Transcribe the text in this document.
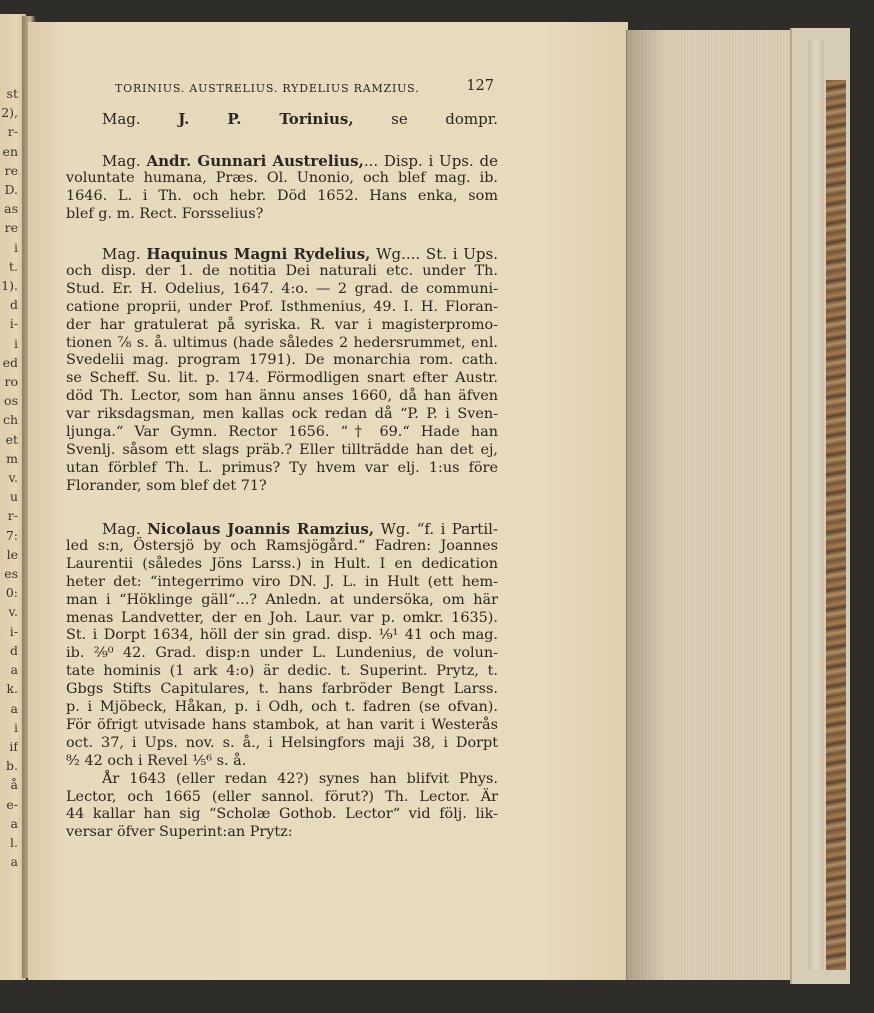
st
2),
r-
en
re
D.
as
re
i
t.
1).
d
i-
i
ed
ro
os
ch
et
m
v.
u
r-
7:
le
es
0:
v.
i-
d
a
k.
a
i
if
b.
å
e-
a
l.
a
TORINIUS. AUSTRELIUS. RYDELIUS RAMZIUS.	127
Mag. J. P. Torinius, se dompr.
Mag. Andr. Gunnari Austrelius,... Disp. i Ups. de
voluntate humana, Præs. Ol. Unonio, och blef mag. ib.
1646. L. i Th. och hebr. Död 1652. Hans enka, som
blef g. m. Rect. Forsselius?
Mag. Haquinus Magni Rydelius, Wg.... St. i Ups.
och disp. der 1. de notitia Dei naturali etc. under Th.
Stud. Er. H. Odelius, 1647. 4:o. — 2 grad. de communi-
catione proprii, under Prof. Isthmenius, 49. I. H. Floran-
der har gratulerat på syriska. R. var i magisterpromo-
tionen ⅞ s. å. ultimus (hade således 2 hedersrummet, enl.
Svedelii mag. program 1791). De monarchia rom. cath.
se Scheff. Su. lit. p. 174. Förmodligen snart efter Austr.
död Th. Lector, som han ännu anses 1660, då han äfven
var riksdagsman, men kallas ock redan då “P. P. i Sven-
ljunga.“ Var Gymn. Rector 1656. “† 69.“ Hade han
Svenlj. såsom ett slags präb.? Eller tillträdde han det ej,
utan förblef Th. L. primus? Ty hvem var elj. 1:us före
Florander, som blef det 71?
Mag. Nicolaus Joannis Ramzius, Wg. “f. i Partil-
led s:n, Östersjö by och Ramsjögård.“ Fadren: Joannes
Laurentii (således Jöns Larss.) in Hult. I en dedication
heter det: “integerrimo viro DN. J. L. in Hult (ett hem-
man i “Höklinge gäll“...? Anledn. at undersöka, om här
menas Landvetter, der en Joh. Laur. var p. omkr. 1635).
St. i Dorpt 1634, höll der sin grad. disp. ¹⁄₉¹ 41 och mag.
ib. ²⁄₉⁰ 42. Grad. disp:n under L. Lundenius, de volun-
tate hominis (1 ark 4:o) är dedic. t. Superint. Prytz, t.
Gbgs Stifts Capitulares, t. hans farbröder Bengt Larss.
p. i Mjöbeck, Håkan, p. i Odh, och t. fadren (se ofvan).
För öfrigt utvisade hans stambok, at han varit i Westerås
oct. 37, i Ups. nov. s. å., i Helsingfors maji 38, i Dorpt
⁸⁄₂ 42 och i Revel ¹⁄₅⁶ s. å.
År 1643 (eller redan 42?) synes han blifvit Phys.
Lector, och 1665 (eller sannol. förut?) Th. Lector. Är
44 kallar han sig “Scholæ Gothob. Lector“ vid följ. lik-
versar öfver Superint:an Prytz:
